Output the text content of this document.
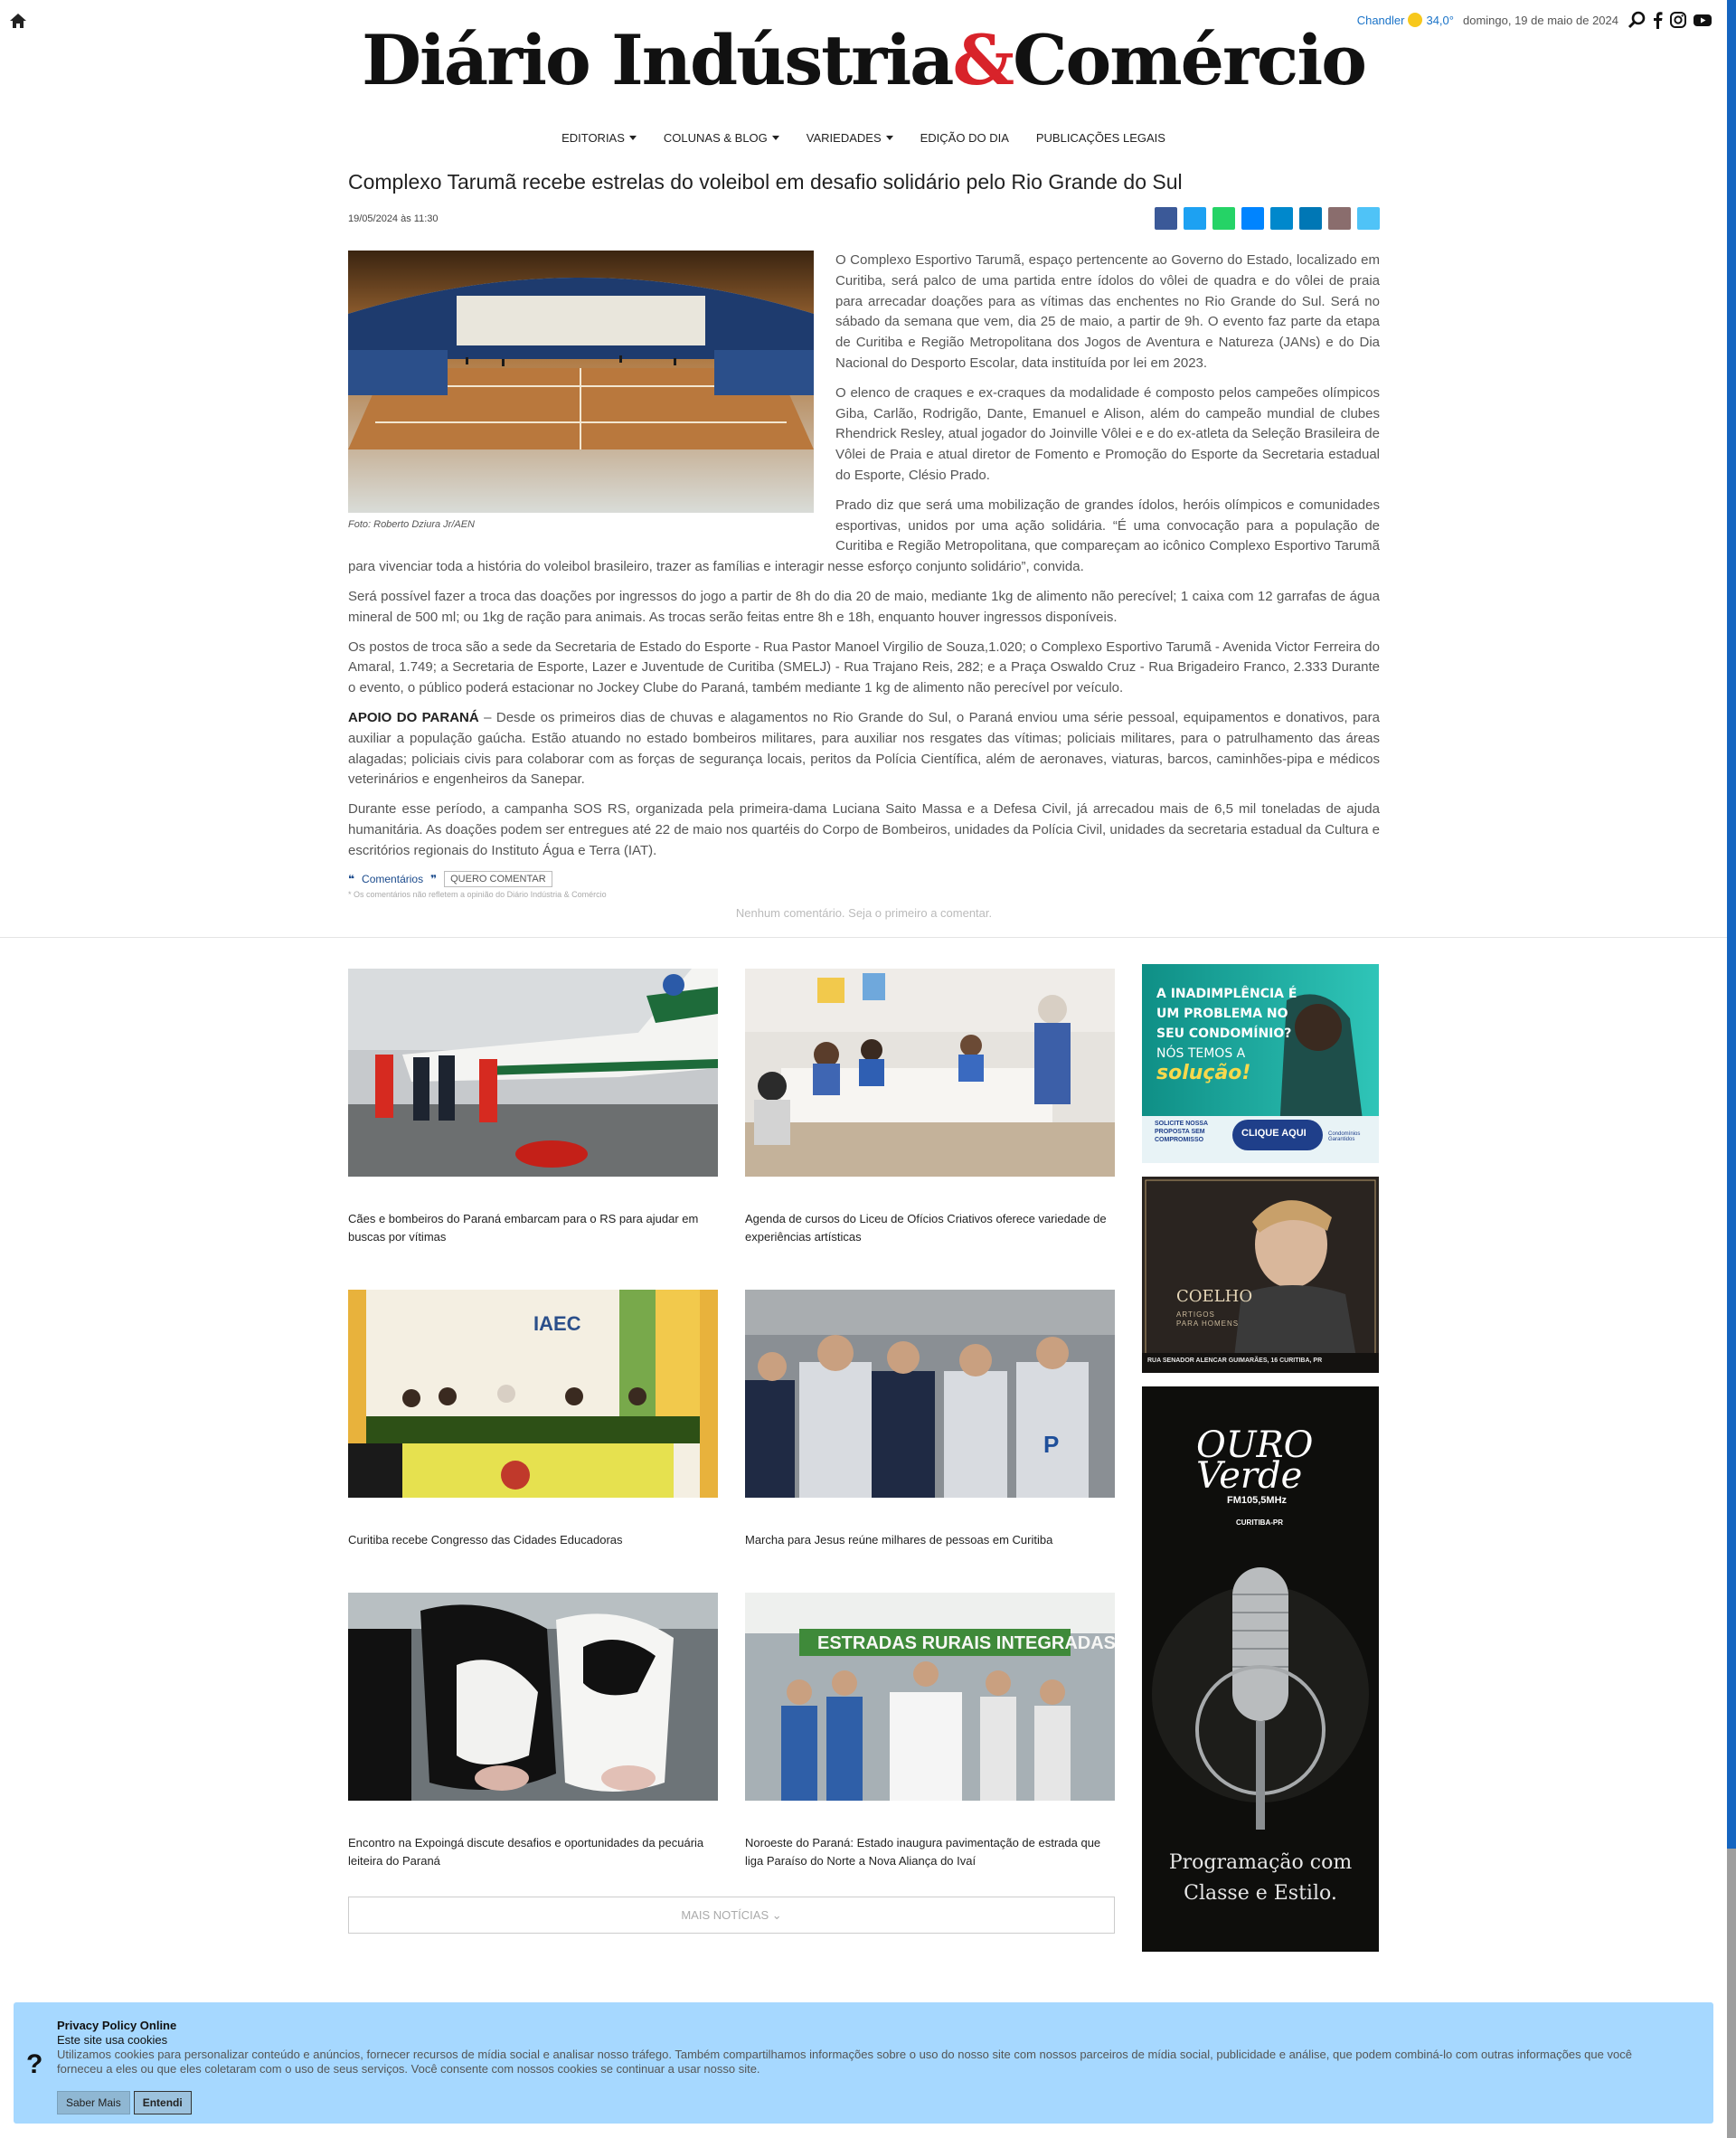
Chandler 34,0° domingo, 19 de maio de 2024
Diário Indústria&Comércio
EDITORIAS	COLUNAS & BLOG	VARIEDADES	EDIÇÃO DO DIA PUBLICAÇÕES LEGAIS
Complexo Tarumã recebe estrelas do voleibol em desafio solidário pelo Rio Grande do Sul
19/05/2024 às 11:30
Foto: Roberto Dziura Jr/AEN

O Complexo Esportivo Tarumã, espaço pertencente ao Governo do Estado, localizado em Curitiba, será palco de uma partida entre ídolos do vôlei de quadra e do vôlei de praia para arrecadar doações para as vítimas das enchentes no Rio Grande do Sul. Será no sábado da semana que vem, dia 25 de maio, a partir de 9h. O evento faz parte da etapa de Curitiba e Região Metropolitana dos Jogos de Aventura e Natureza (JANs) e do Dia Nacional do Desporto Escolar, data instituída por lei em 2023.

O elenco de craques e ex-craques da modalidade é composto pelos campeões olímpicos Giba, Carlão, Rodrigão, Dante, Emanuel e Alison, além do campeão mundial de clubes Rhendrick Resley, atual jogador do Joinville Vôlei e e do ex-atleta da Seleção Brasileira de Vôlei de Praia e atual diretor de Fomento e Promoção do Esporte da Secretaria estadual do Esporte, Clésio Prado.

Prado diz que será uma mobilização de grandes ídolos, heróis olímpicos e comunidades esportivas, unidos por uma ação solidária. “É uma convocação para a população de Curitiba e Região Metropolitana, que compareçam ao icônico Complexo Esportivo Tarumã para vivenciar toda a história do voleibol brasileiro, trazer as famílias e interagir nesse esforço conjunto solidário”, convida.

Será possível fazer a troca das doações por ingressos do jogo a partir de 8h do dia 20 de maio, mediante 1kg de alimento não perecível; 1 caixa com 12 garrafas de água mineral de 500 ml; ou 1kg de ração para animais. As trocas serão feitas entre 8h e 18h, enquanto houver ingressos disponíveis.

Os postos de troca são a sede da Secretaria de Estado do Esporte - Rua Pastor Manoel Virgilio de Souza,1.020; o Complexo Esportivo Tarumã - Avenida Victor Ferreira do Amaral, 1.749; a Secretaria de Esporte, Lazer e Juventude de Curitiba (SMELJ) - Rua Trajano Reis, 282; e a Praça Oswaldo Cruz - Rua Brigadeiro Franco, 2.333 Durante o evento, o público poderá estacionar no Jockey Clube do Paraná, também mediante 1 kg de alimento não perecível por veículo.

APOIO DO PARANÁ – Desde os primeiros dias de chuvas e alagamentos no Rio Grande do Sul, o Paraná enviou uma série pessoal, equipamentos e donativos, para auxiliar a população gaúcha. Estão atuando no estado bombeiros militares, para auxiliar nos resgates das vítimas; policiais militares, para o patrulhamento das áreas alagadas; policiais civis para colaborar com as forças de segurança locais, peritos da Polícia Científica, além de aeronaves, viaturas, barcos, caminhões-pipa e médicos veterinários e engenheiros da Sanepar.

Durante esse período, a campanha SOS RS, organizada pela primeira-dama Luciana Saito Massa e a Defesa Civil, já arrecadou mais de 6,5 mil toneladas de ajuda humanitária. As doações podem ser entregues até 22 de maio nos quartéis do Corpo de Bombeiros, unidades da Polícia Civil, unidades da secretaria estadual da Cultura e escritórios regionais do Instituto Água e Terra (IAT).

❝ Comentários ❞	QUERO COMENTAR
* Os comentários não refletem a opinião do Diário Indústria & Comércio
Nenhum comentário. Seja o primeiro a comentar.
Cães e bombeiros do Paraná embarcam para o RS para ajudar em buscas por vítimas
Agenda de cursos do Liceu de Ofícios Criativos oferece variedade de experiências artísticas
IAEC
Curitiba recebe Congresso das Cidades Educadoras
P
Marcha para Jesus reúne milhares de pessoas em Curitiba
Encontro na Expoingá discute desafios e oportunidades da pecuária leiteira do Paraná
ESTRADAS RURAIS INTEGRADAS
Noroeste do Paraná: Estado inaugura pavimentação de estrada que liga Paraíso do Norte a Nova Aliança do Ivaí
MAIS NOTÍCIAS ⌄
A INADIMPLÊNCIA É
UM PROBLEMA NO
SEU CONDOMÍNIO?
NÓS TEMOS A
solução!
SOLICITE NOSSA PROPOSTA SEM COMPROMISSO
CLIQUE AQUI	Condomínios Garantidos
COELHO
ARTIGOS PARA HOMENS
RUA SENADOR ALENCAR GUIMARÃES, 16 CURITIBA, PR
OURO
Verde
FM105,5MHz
CURITIBA-PR
Programação com
Classe e Estilo.
?
Privacy Policy Online
Este site usa cookies
Utilizamos cookies para personalizar conteúdo e anúncios, fornecer recursos de mídia social e analisar nosso tráfego. Também compartilhamos informações sobre o uso do nosso site com nossos parceiros de mídia social, publicidade e análise, que podem combiná-lo com outras informações que você forneceu a eles ou que eles coletaram com o uso de seus serviços. Você consente com nossos cookies se continuar a usar nosso site.
Saber Mais	Entendi
